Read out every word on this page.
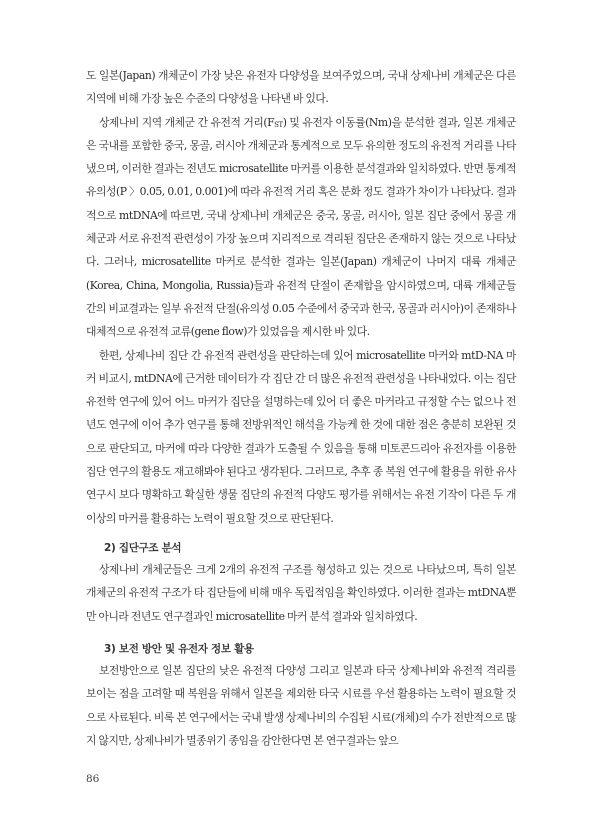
도 일본(Japan) 개체군이 가장 낮은 유전자 다양성을 보여주었으며, 국내 상제나비 개체군은 다른 지역에 비해 가장 높은 수준의 다양성을 나타낸 바 있다.

상제나비 지역 개체군 간 유전적 거리$(F_{ST})$ 및 유전자 이동률(Nm)을 분석한 결과, 일본 개체군은 국내를 포함한 중국, 몽골, 러시아 개체군과 통계적으로 모두 유의한 정도의 유전적 거리를 나타냈으며, 이러한 결과는 전년도 microsatellite 마커를 이용한 분석결과와 일치하였다. 반면 통계적 유의성(P 〉0.05, 0.01, 0.001)에 따라 유전적 거리 혹은 분화 정도 결과가 차이가 나타났다. 결과적으로 mtDNA에 따르면, 국내 상제나비 개체군은 중국, 몽골, 러시아, 일본 집단 중에서 몽골 개체군과 서로 유전적 관련성이 가장 높으며 지리적으로 격리된 집단은 존재하지 않는 것으로 나타났다. 그러나, microsatellite 마커로 분석한 결과는 일본(Japan) 개체군이 나머지 대륙 개체군(Korea, China, Mongolia, Russia)들과 유전적 단절이 존재함을 암시하였으며, 대륙 개체군들간의 비교결과는 일부 유전적 단절(유의성 0.05 수준에서 중국과 한국, 몽골과 러시아)이 존재하나 대체적으로 유전적 교류(gene flow)가 있었음을 제시한 바 있다.

한편, 상제나비 집단 간 유전적 관련성을 판단하는데 있어 microsatellite 마커와 mtD-NA 마커 비교시, mtDNA에 근거한 데이터가 각 집단 간 더 많은 유전적 관련성을 나타내었다. 이는 집단유전학 연구에 있어 어느 마커가 집단을 설명하는데 있어 더 좋은 마커라고 규정할 수는 없으나 전년도 연구에 이어 추가 연구를 통해 전방위적인 해석을 가능케 한 것에 대한 점은 충분히 보완된 것으로 판단되고, 마커에 따라 다양한 결과가 도출될 수 있음을 통해 미토콘드리아 유전자를 이용한 집단 연구의 활용도 재고해봐야 된다고 생각된다. 그러므로, 추후 종 복원 연구에 활용을 위한 유사 연구시 보다 명확하고 확실한 생물 집단의 유전적 다양도 평가를 위해서는 유전 기작이 다른 두 개 이상의 마커를 활용하는 노력이 필요할 것으로 판단된다.

2) 집단구조 분석

상제나비 개체군들은 크게 2개의 유전적 구조를 형성하고 있는 것으로 나타났으며, 특히 일본 개체군의 유전적 구조가 타 집단들에 비해 매우 독립적임을 확인하였다. 이러한 결과는 mtDNA뿐만 아니라 전년도 연구결과인 microsatellite 마커 분석 결과와 일치하였다.

3) 보전 방안 및 유전자 정보 활용

보전방안으로 일본 집단의 낮은 유전적 다양성 그리고 일본과 타국 상제나비와 유전적 격리를 보이는 점을 고려할 때 복원을 위해서 일본을 제외한 타국 시료를 우선 활용하는 노력이 필요할 것으로 사료된다. 비록 본 연구에서는 국내 발생 상제나비의 수집된 시료(개체)의 수가 전반적으로 많지 않지만, 상제나비가 멸종위기 종임을 감안한다면 본 연구결과는 앞으

86
